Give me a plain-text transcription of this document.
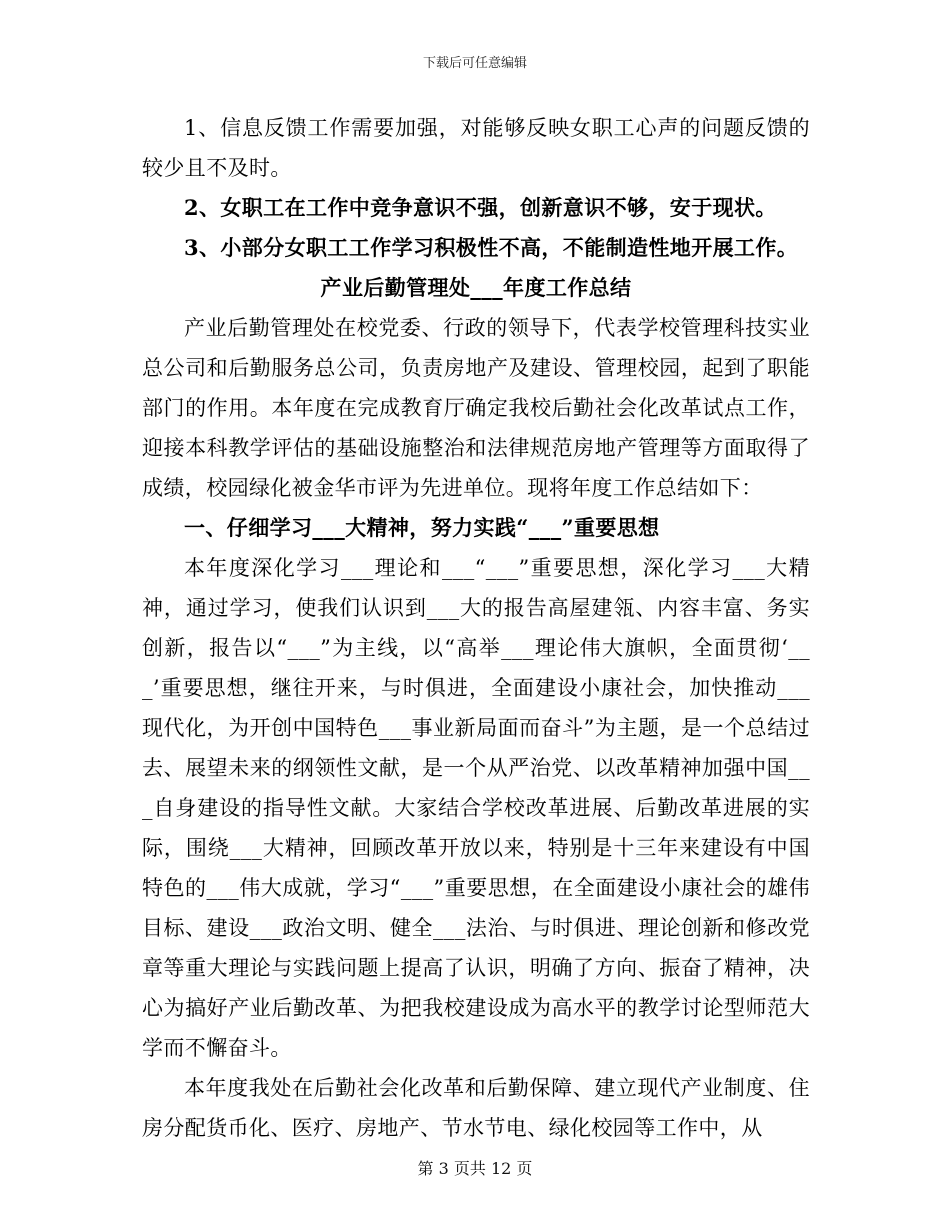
下载后可任意编辑

1、信息反馈工作需要加强，对能够反映女职工心声的问题反馈的较少且不及时。

2、女职工在工作中竞争意识不强，创新意识不够，安于现状。

3、小部分女职工工作学习积极性不高，不能制造性地开展工作。

产业后勤管理处___年度工作总结

产业后勤管理处在校党委、行政的领导下，代表学校管理科技实业总公司和后勤服务总公司，负责房地产及建设、管理校园，起到了职能部门的作用。本年度在完成教育厅确定我校后勤社会化改革试点工作，迎接本科教学评估的基础设施整治和法律规范房地产管理等方面取得了成绩，校园绿化被金华市评为先进单位。现将年度工作总结如下：

一、仔细学习___大精神，努力实践“___”重要思想

本年度深化学习___理论和___“___”重要思想，深化学习___大精神，通过学习，使我们认识到___大的报告高屋建瓴、内容丰富、务实创新，报告以“___”为主线，以“高举___理论伟大旗帜，全面贯彻‘___’重要思想，继往开来，与时俱进，全面建设小康社会，加快推动___现代化，为开创中国特色___事业新局面而奋斗”为主题，是一个总结过去、展望未来的纲领性文献，是一个从严治党、以改革精神加强中国___自身建设的指导性文献。大家结合学校改革进展、后勤改革进展的实际，围绕___大精神，回顾改革开放以来，特别是十三年来建设有中国特色的___伟大成就，学习“___”重要思想，在全面建设小康社会的雄伟目标、建设___政治文明、健全___法治、与时俱进、理论创新和修改党章等重大理论与实践问题上提高了认识，明确了方向、振奋了精神，决心为搞好产业后勤改革、为把我校建设成为高水平的教学讨论型师范大学而不懈奋斗。

本年度我处在后勤社会化改革和后勤保障、建立现代产业制度、住房分配货币化、医疗、房地产、节水节电、绿化校园等工作中，从

第 3 页共 12 页
